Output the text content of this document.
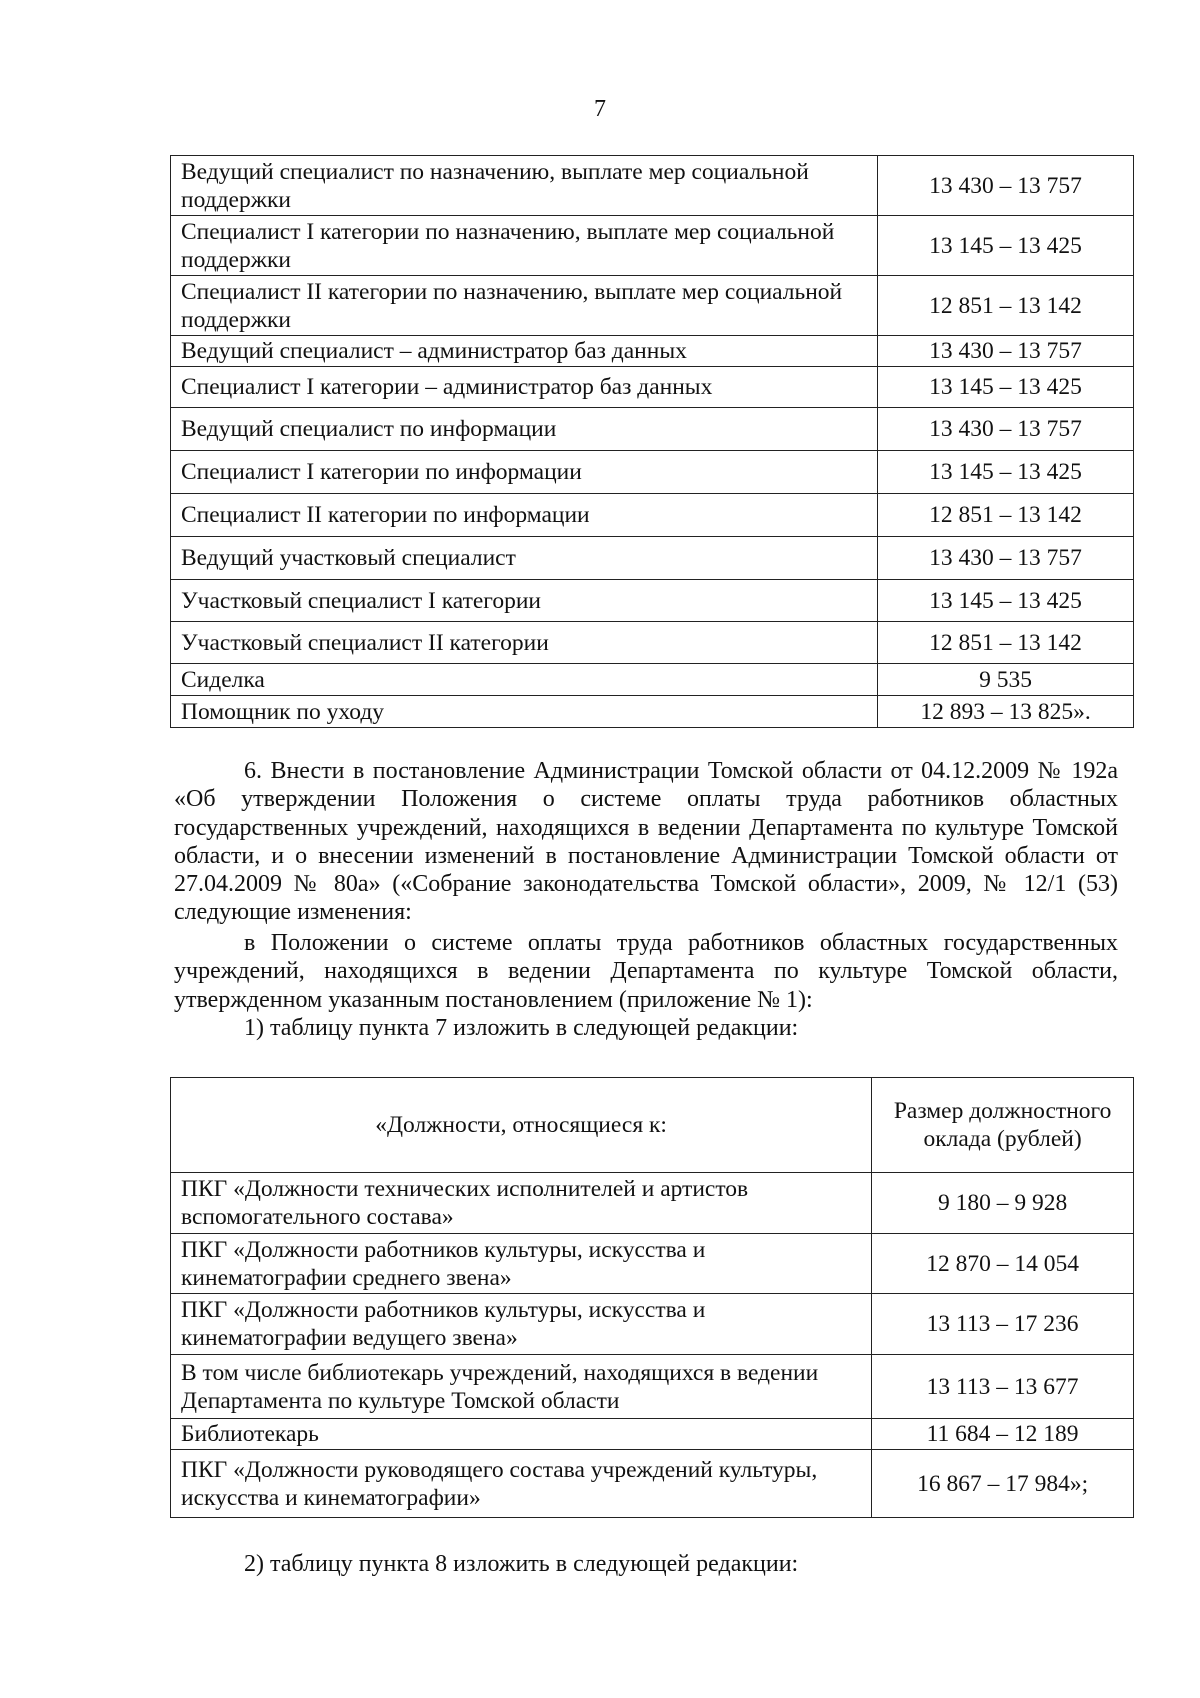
7
Ведущий специалист по назначению, выплате мер социальной поддержки	13 430 – 13 757
Специалист I категории по назначению, выплате мер социальной поддержки	13 145 – 13 425
Специалист II категории по назначению, выплате мер социальной поддержки	12 851 – 13 142
Ведущий специалист – администратор баз данных	13 430 – 13 757
Специалист I категории – администратор баз данных	13 145 – 13 425
Ведущий специалист по информации	13 430 – 13 757
Специалист I категории по информации	13 145 – 13 425
Специалист II категории по информации	12 851 – 13 142
Ведущий участковый специалист	13 430 – 13 757
Участковый специалист I категории	13 145 – 13 425
Участковый специалист II категории	12 851 – 13 142
Сиделка	9 535
Помощник по уходу	12 893 – 13 825».

6. Внести в постановление Администрации Томской области от 04.12.2009 № 192а «Об утверждении Положения о системе оплаты труда работников областных государственных учреждений, находящихся в ведении Департамента по культуре Томской области, и о внесении изменений в постановление Администрации Томской области от 27.04.2009 № 80а» («Собрание законодательства Томской области», 2009, № 12/1 (53) следующие изменения:

в Положении о системе оплаты труда работников областных государственных учреждений, находящихся в ведении Департамента по культуре Томской области, утвержденном указанным постановлением (приложение № 1):

1) таблицу пункта 7 изложить в следующей редакции:

«Должности, относящиеся к:	Размер должностного оклада (рублей)
ПКГ «Должности технических исполнителей и артистов вспомогательного состава»	9 180 – 9 928
ПКГ «Должности работников культуры, искусства и кинематографии среднего звена»	12 870 – 14 054
ПКГ «Должности работников культуры, искусства и кинематографии ведущего звена»	13 113 – 17 236
В том числе библиотекарь учреждений, находящихся в ведении Департамента по культуре Томской области	13 113 – 13 677
Библиотекарь	11 684 – 12 189
ПКГ «Должности руководящего состава учреждений культуры, искусства и кинематографии»	16 867 – 17 984»;

2) таблицу пункта 8 изложить в следующей редакции:
